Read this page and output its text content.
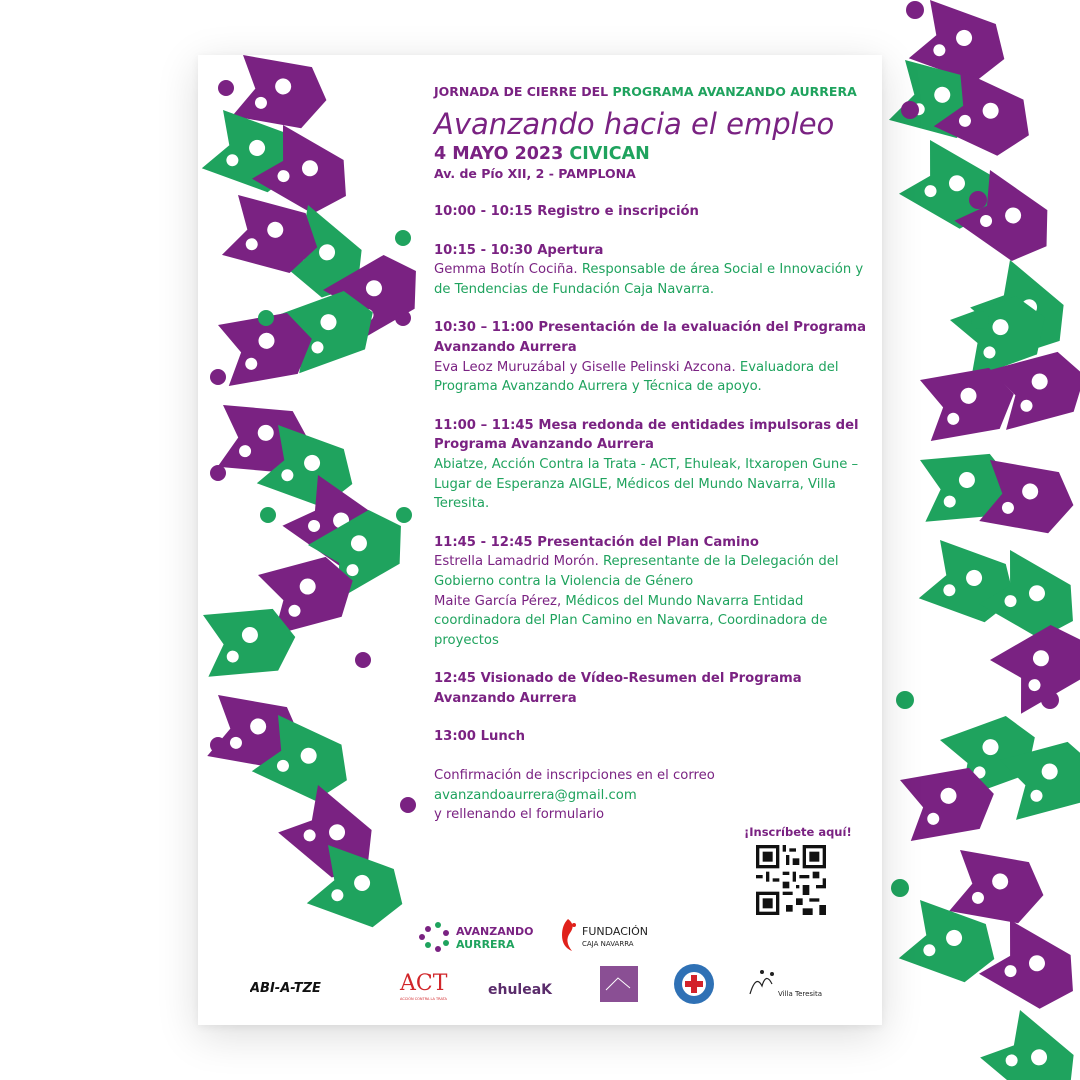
JORNADA DE CIERRE DEL PROGRAMA AVANZANDO AURRERA
Avanzando hacia el empleo
4 MAYO 2023 CIVICAN
Av. de Pío XII, 2 - PAMPLONA
10:00 - 10:15 Registro e inscripción
10:15 - 10:30 Apertura
Gemma Botín Cociña. Responsable de área Social e Innovación y de Tendencias de Fundación Caja Navarra.
10:30 – 11:00 Presentación de la evaluación del Programa Avanzando Aurrera
Eva Leoz Muruzábal y Giselle Pelinski Azcona. Evaluadora del Programa Avanzando Aurrera y Técnica de apoyo.
11:00 – 11:45 Mesa redonda de entidades impulsoras del Programa Avanzando Aurrera
Abiatze, Acción Contra la Trata - ACT, Ehuleak, Itxaropen Gune – Lugar de Esperanza AIGLE, Médicos del Mundo Navarra, Villa Teresita.
11:45 - 12:45 Presentación del Plan Camino
Estrella Lamadrid Morón. Representante de la Delegación del Gobierno contra la Violencia de Género
Maite García Pérez, Médicos del Mundo Navarra Entidad coordinadora del Plan Camino en Navarra, Coordinadora de proyectos
12:45 Visionado de Vídeo-Resumen del Programa Avanzando Aurrera
13:00 Lunch
Confirmación de inscripciones en el correo
avanzandoaurrera@gmail.com
y rellenando el formulario
¡Inscríbete aquí!
AVANZANDO
AURRERA
FUNDACIÓN
CAJA NAVARRA
ABI-A-TZE	ACT
ACCIÓN CONTRA LA TRATA
ehuleaK	Villa Teresita
